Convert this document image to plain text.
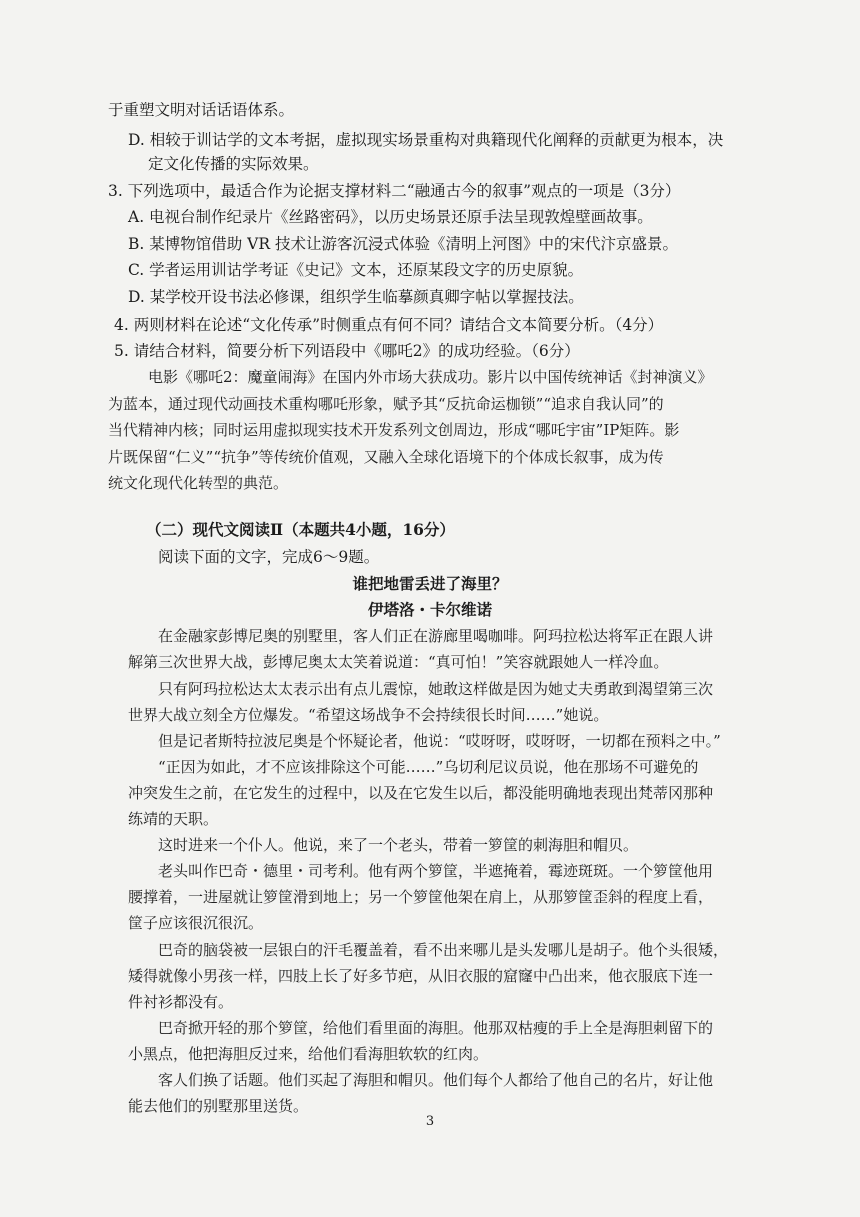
于重塑文明对话话语体系。

D. 相较于训诂学的文本考据，虚拟现实场景重构对典籍现代化阐释的贡献更为根本，决

定文化传播的实际效果。

3. 下列选项中，最适合作为论据支撑材料二“融通古今的叙事”观点的一项是（3分）

A. 电视台制作纪录片《丝路密码》，以历史场景还原手法呈现敦煌壁画故事。

B. 某博物馆借助 VR 技术让游客沉浸式体验《清明上河图》中的宋代汴京盛景。

C. 学者运用训诂学考证《史记》文本，还原某段文字的历史原貌。

D. 某学校开设书法必修课，组织学生临摹颜真卿字帖以掌握技法。

4. 两则材料在论述“文化传承”时侧重点有何不同？请结合文本简要分析。（4分）

5. 请结合材料，简要分析下列语段中《哪吒2》的成功经验。（6分）

电影《哪吒2：魔童闹海》在国内外市场大获成功。影片以中国传统神话《封神演义》

为蓝本，通过现代动画技术重构哪吒形象，赋予其“反抗命运枷锁”“追求自我认同”的

当代精神内核；同时运用虚拟现实技术开发系列文创周边，形成“哪吒宇宙”IP矩阵。影

片既保留“仁义”“抗争”等传统价值观，又融入全球化语境下的个体成长叙事，成为传

统文化现代化转型的典范。

（二）现代文阅读Ⅱ（本题共4小题，16分）

阅读下面的文字，完成6～9题。

谁把地雷丢进了海里？

伊塔洛・卡尔维诺

在金融家彭博尼奥的别墅里，客人们正在游廊里喝咖啡。阿玛拉松达将军正在跟人讲

解第三次世界大战，彭博尼奥太太笑着说道：“真可怕！”笑容就跟她人一样冷血。

只有阿玛拉松达太太表示出有点儿震惊，她敢这样做是因为她丈夫勇敢到渴望第三次

世界大战立刻全方位爆发。“希望这场战争不会持续很长时间……”她说。

但是记者斯特拉波尼奥是个怀疑论者，他说：“哎呀呀，哎呀呀，一切都在预料之中。”

“正因为如此，才不应该排除这个可能……”乌切利尼议员说，他在那场不可避免的

冲突发生之前，在它发生的过程中，以及在它发生以后，都没能明确地表现出梵蒂冈那种

练靖的天职。

这时进来一个仆人。他说，来了一个老头，带着一箩筐的刺海胆和帽贝。

老头叫作巴奇・德里・司考利。他有两个箩筐，半遮掩着，霉迹斑斑。一个箩筐他用

腰撑着，一进屋就让箩筐滑到地上；另一个箩筐他架在肩上，从那箩筐歪斜的程度上看，

筐子应该很沉很沉。

巴奇的脑袋被一层银白的汗毛覆盖着，看不出来哪儿是头发哪儿是胡子。他个头很矮，

矮得就像小男孩一样，四肢上长了好多节疤，从旧衣服的窟窿中凸出来，他衣服底下连一

件衬衫都没有。

巴奇掀开轻的那个箩筐，给他们看里面的海胆。他那双枯瘦的手上全是海胆刺留下的

小黑点，他把海胆反过来，给他们看海胆软软的红肉。

客人们换了话题。他们买起了海胆和帽贝。他们每个人都给了他自己的名片，好让他

能去他们的别墅那里送货。

3
